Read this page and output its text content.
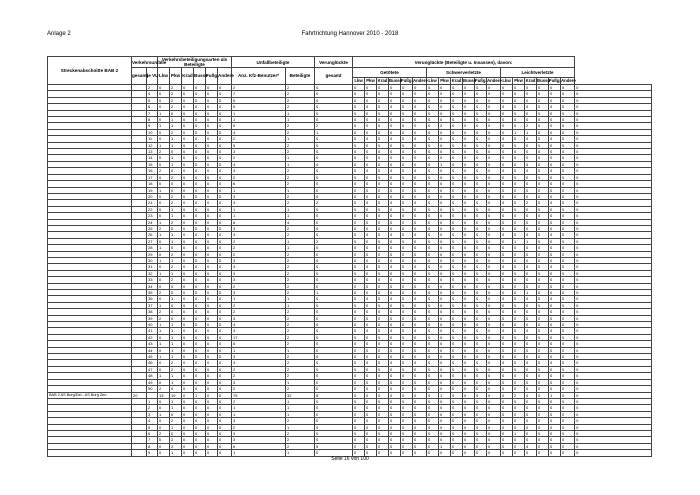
Anlage 2	Fahrtrichtung Hannover 2010 - 2018
Streckenabschnitte BAB 2	Verkehrsunfälle		Verkehrsbeteiligungsarten als Beteiligte						Unfallbeteiligte		Verunglückte	Verunglückte (Beteiligte u. Insassen), davon:																		
	gesamt	je VU	Lkw	Pkw	Krad	Busse	Fußg.	Andere	Anz. Kfz-Benutzer*	Beteiligte	gesamt	Getötete						Schwerverletzte						Leichtverletzte						
												Lkw	Pkw	Krad	Busse	Fußg.	Andere	Lkw	Pkw	Krad	Busse	Fußg.	Andere	Lkw	Pkw	Krad	Busse	Fußg.	Andere	
		2	0	2	0	0	0	0	2	2	0	0	0	0	0	0	0	0	0	0	0	0	0	0	0	0	0	0	0	0
		4	0	2	0	0	0	0	7	2	0	0	0	0	0	0	0	0	0	0	0	0	0	0	0	0	0	0	0	0
		5	0	2	0	0	0	0	5	2	0	0	0	0	0	0	0	0	0	0	0	0	0	0	0	0	0	0	0	0
		6	0	2	0	0	0	0	5	2	0	0	0	0	0	0	0	0	0	0	0	0	0	0	0	0	0	0	0	0
		7	1	0	0	0	0	0	1	1	0	0	0	0	0	0	0	0	0	0	0	0	0	0	0	0	0	0	0	0
		8	0	1	0	0	0	0	1	1	0	0	0	0	0	0	0	0	0	0	0	0	0	0	0	0	0	0	0	0
		9	1	1	0	0	0	0	6	2	2	0	0	0	0	0	0	0	2	0	0	0	0	0	0	2	0	0	0	0
		10	0	2	0	0	0	0	4	2	1	0	0	0	0	0	0	0	0	0	0	0	0	0	1	1	0	0	0	0
		11	0	1	0	0	0	0	2	1	0	0	0	0	0	0	0	0	0	0	0	0	0	0	0	0	0	0	0	0
		12	1	1	0	0	0	0	5	2	0	0	0	0	0	0	0	0	0	0	0	0	0	0	0	0	0	0	0	0
		13	2	0	0	0	0	0	3	2	0	0	0	0	0	0	0	0	0	0	0	0	0	0	0	0	0	0	0	0
		14	0	1	0	0	0	0	2	1	0	0	0	0	0	0	0	0	0	0	0	0	0	0	0	0	0	0	0	0
		15	0	1	0	0	0	0	4	1	4	0	0	0	0	0	0	0	1	0	0	0	0	0	0	3	0	0	0	0
		16	2	0	0	0	0	0	3	2	0	0	0	0	0	0	0	0	0	0	0	0	0	0	0	0	0	0	0	0
		17	0	2	0	0	0	0	2	2	0	0	0	0	0	0	0	0	0	0	0	0	0	0	0	0	0	0	0	0
		18	0	0	0	0	0	0	6	2	0	0	0	0	0	0	0	0	0	0	0	0	0	0	0	0	0	0	0	0
		19	1	0	0	0	0	0	1	1	0	0	0	0	0	0	0	0	0	0	0	0	0	0	0	0	0	0	0	0
		20	0	2	0	0	0	0	3	2	0	0	0	0	0	0	0	0	0	0	0	0	0	0	0	0	0	0	0	0
		21	0	2	0	0	0	0	3	2	2	0	0	0	0	0	0	0	0	0	0	0	0	0	0	2	0	0	0	0
		22	0	1	0	0	0	0	1	1	0	0	0	0	0	0	0	0	0	0	0	0	0	0	0	0	0	0	0	0
		23	0	1	0	0	0	0	1	1	0	0	0	0	0	0	0	0	0	0	0	0	0	0	0	0	0	0	0	0
		24	1	2	0	0	0	0	6	4	0	0	0	0	0	0	0	0	0	0	0	0	0	0	0	0	0	0	0	0
		25	2	0	0	0	0	0	3	2	0	0	0	0	0	0	0	0	0	0	0	0	0	0	0	0	0	0	0	0
		26	1	1	0	0	0	0	3	2	0	0	0	0	0	0	0	0	0	0	0	0	0	0	0	0	0	0	0	0
		27	0	1	0	0	0	0	2	1	2	0	0	0	0	0	0	0	0	0	0	0	0	0	1	1	0	0	0	0
		28	1	0	0	0	0	0	2	1	0	0	0	0	0	0	0	0	0	0	0	0	0	0	0	0	0	0	0	0
		29	0	2	0	0	0	0	2	2	0	0	0	0	0	0	0	0	0	0	0	0	0	0	0	0	0	0	0	0
		30	1	1	0	0	0	0	3	2	0	0	0	0	0	0	0	0	0	0	0	0	0	0	0	0	0	0	0	0
		31	0	2	0	0	0	0	3	2	0	0	0	0	0	0	0	0	0	0	0	0	0	0	0	0	0	0	0	0
		32	1	1	0	0	0	0	3	2	0	0	0	0	0	0	0	0	0	0	0	0	0	0	0	0	0	0	0	0
		33	0	2	0	0	0	0	3	2	0	0	0	0	0	0	0	0	0	0	0	0	0	0	0	0	0	0	0	0
		34	0	0	0	0	0	0	2	2	0	0	0	0	0	0	0	0	0	0	0	0	0	0	0	0	0	0	0	0
		35	2	0	0	0	0	0	3	2	1	0	0	0	0	0	0	0	0	0	0	0	0	0	0	1	0	0	0	0
		36	0	1	0	0	0	0	1	1	0	0	0	0	0	0	0	0	0	0	0	0	0	0	0	0	0	0	0	0
		37	1	0	0	0	0	0	2	1	0	0	0	0	0	0	0	0	0	0	0	0	0	0	0	0	0	0	0	0
		38	2	0	0	0	0	0	2	2	0	0	0	0	0	0	0	0	0	0	0	0	0	0	0	0	0	0	0	0
		39	2	0	0	0	0	0	3	2	0	0	0	0	0	0	0	0	0	0	0	0	0	0	0	0	0	0	0	0
		40	1	1	0	0	0	0	4	2	0	0	0	0	0	0	0	0	0	0	0	0	0	0	0	0	0	0	0	0
		41	1	1	0	0	0	0	3	2	0	0	0	0	0	0	0	0	0	0	0	0	0	0	0	0	0	0	0	0
		42	0	1	0	0	0	0	17	2	0	0	0	0	0	0	0	0	0	0	0	0	0	0	0	0	0	0	0	0
		43	1	1	0	0	0	0	5	2	0	0	0	0	0	0	0	0	0	0	0	0	0	0	0	0	0	0	0	0
		44	0	1	0	0	0	0	1	1	0	0	0	0	0	0	0	0	0	0	0	0	0	0	0	0	0	0	0	0
		45	1	1	0	0	0	0	3	2	0	0	0	0	0	0	0	0	0	0	0	0	0	0	0	0	0	0	0	0
		46	0	2	0	0	0	0	3	2	0	0	0	0	0	0	0	0	0	0	0	0	0	0	0	0	0	0	0	0
		47	0	2	0	0	0	0	2	2	0	0	0	0	0	0	0	0	0	0	0	0	0	0	0	0	0	0	0	0
		48	1	1	0	0	0	0	2	2	0	0	0	0	0	0	0	0	0	0	0	0	0	0	0	0	0	0	0	0
		49	0	1	0	0	0	0	3	1	0	0	0	0	0	0	0	0	0	0	0	0	0	0	0	0	0	0	0	0
		50	2	0	0	0	0	0	2	2	0	0	0	0	0	0	0	0	0	0	0	0	0	0	0	0	0	0	0	0
BAB 2 AS Burg/Dst - AS Burg Zen.	20		13	19	0	1	0	0	75	32	8	0	0	0	0	0	0	0	1	0	0	0	0	0	2	4	0	1	0	0
		1	0	1	0	0	0	0	2	1	0	0	0	0	0	0	0	0	0	0	0	0	0	0	0	0	0	0	0	0
		2	0	1	0	0	0	0	1	1	0	0	0	0	0	0	0	0	0	0	0	0	0	0	0	0	0	0	0	0
		3	1	0	0	0	0	0	1	1	0	0	0	0	0	0	0	0	0	0	0	0	0	0	0	0	0	0	0	0
		4	0	2	0	0	0	0	3	2	0	0	0	0	0	0	0	0	0	0	0	0	0	0	0	0	0	0	0	0
		5	0	1	0	0	0	0	2	1	0	0	0	0	0	0	0	0	0	0	0	0	0	0	0	0	0	0	0	0
		6	2	0	0	0	0	0	3	2	0	0	0	0	0	0	0	0	0	0	0	0	0	0	1	0	0	0	0	0
		7	0	2	0	0	0	0	3	2	0	0	0	0	0	0	0	0	0	0	0	0	0	0	0	0	0	0	0	0
		8	0	2	0	0	0	0	6	2	5	0	0	0	0	0	0	0	1	0	0	0	0	0	0	4	0	0	0	0
		9	0	1	0	0	0	0	1	1	0	0	0	0	0	0	0	0	0	0	0	0	0	0	0	0	0	0	0	0
Seite 16 von 100
